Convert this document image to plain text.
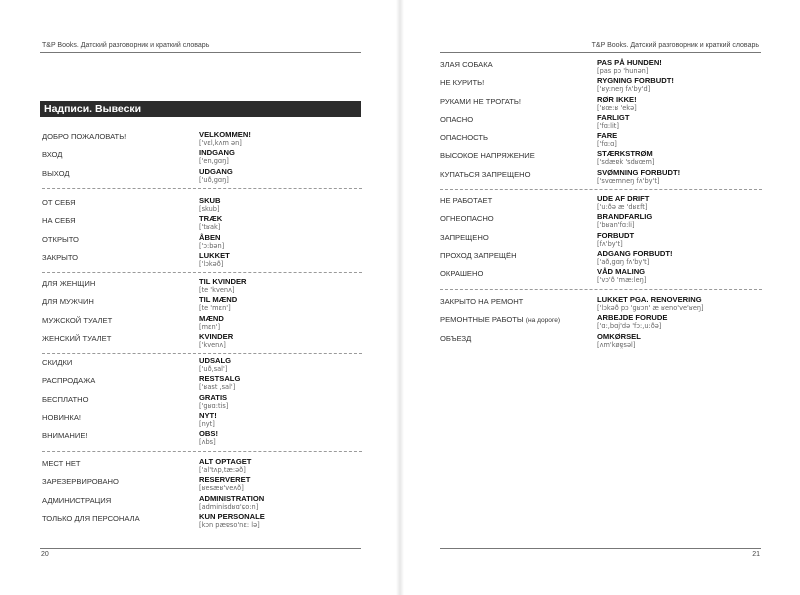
T&P Books. Датский разговорник и краткий словарь
Надписи. Вывески
ДОБРО ПОЖАЛОВАТЬ!	VELKOMMEN!
['vɛl,kʌm ən]
ВХОД	INDGANG
['en,gɑŋ]
ВЫХОД	UDGANG
['uð,gɑŋ]
ОТ СЕБЯ	SKUB
[skub]
НА СЕБЯ	TRÆK
['tʁak]
ОТКРЫТО	ÅBEN
['ɔ:bən]
ЗАКРЫТО	LUKKET
['lɔkəð]
ДЛЯ ЖЕНЩИН	TIL KVINDER
[te 'kvenʌ]
ДЛЯ МУЖЧИН	TIL MÆND
[te 'mɛn']
МУЖСКОЙ ТУАЛЕТ	MÆND
[mɛn']
ЖЕНСКИЙ ТУАЛЕТ	KVINDER
['kvenʌ]
СКИДКИ	UDSALG
['uð,sal']
РАСПРОДАЖА	RESTSALG
['ʁast ,sal']
БЕСПЛАТНО	GRATIS
['gʁɑ:tis]
НОВИНКА!	NYT!
[nyt]
ВНИМАНИЕ!	OBS!
[ʌbs]
МЕСТ НЕТ	ALT OPTAGET
['al'tʌp,tæ:əð]
ЗАРЕЗЕРВИРОВАНО	RESERVERET
[ʁesæʁ'veʌð]
АДМИНИСТРАЦИЯ	ADMINISTRATION
[adminisdʁɑ'ɕo:n]
ТОЛЬКО ДЛЯ ПЕРСОНАЛА	KUN PERSONALE
[kɔn pæɐso'nɛ: lə]
20
T&P Books. Датский разговорник и краткий словарь
ЗЛАЯ СОБАКА	PAS PÅ HUNDEN!
[pas pɔ 'hunən]
НЕ КУРИТЬ!	RYGNING FORBUDT!
['ʁy:neŋ fʌ'by'd]
РУКАМИ НЕ ТРОГАТЬ!	RØR IKKE!
['ʁœ:ʁ 'ekə]
ОПАСНО	FARLIGT
['fɑ:lit]
ОПАСНОСТЬ	FARE
['fɑ:ɑ]
ВЫСОКОЕ НАПРЯЖЕНИЕ	STÆRKSTRØM
['sdæɐk 'sdʁœm]
КУПАТЬСЯ ЗАПРЕЩЕНО	SVØMNING FORBUDT!
['svœmneŋ fʌ'by't]
НЕ РАБОТАЕТ	UDE AF DRIFT
['u:ðə æ 'dʁεft]
ОГНЕОПАСНО	BRANDFARLIG
['bʁan'fɑ:li]
ЗАПРЕЩЕНО	FORBUDT
[fʌ'by't]
ПРОХОД ЗАПРЕЩЁН	ADGANG FORBUDT!
['að,gɑŋ fʌ'by't]
ОКРАШЕНО	VÅD MALING
['vɔ'ð 'mæ:leŋ]
ЗАКРЫТО НА РЕМОНТ	LUKKET PGA. RENOVERING
['lɔkəð pɔ 'gʁɔn' æ ʁeno've'ʁeŋ]
РЕМОНТНЫЕ РАБОТЫ (на дороге)	ARBEJDE FORUDE
['ɑ:,bɑj'də 'fɔ:,u:ðə]
ОБЪЕЗД	OMKØRSEL
[ʌm'køɐ̯səl]
21
